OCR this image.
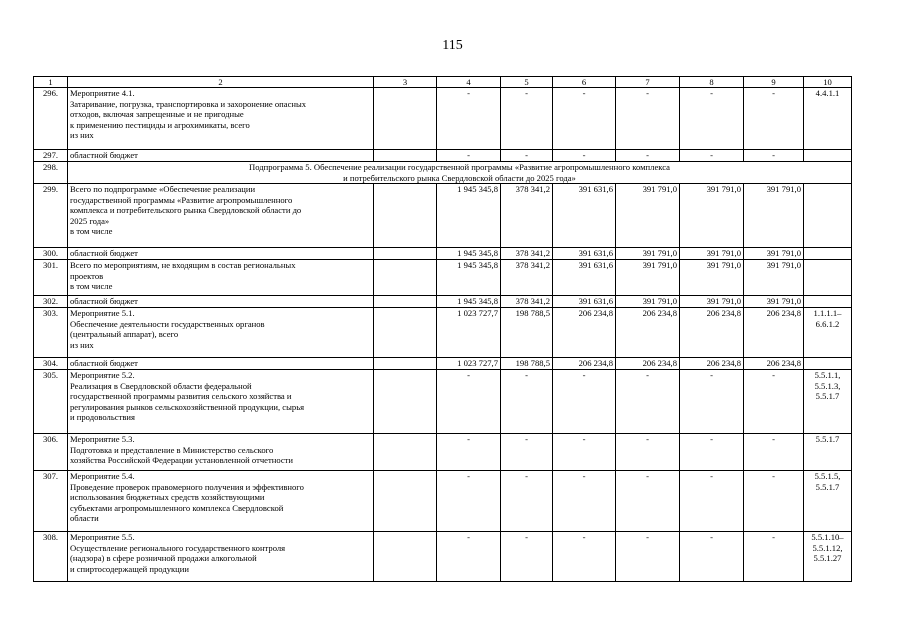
115
1	2	3	4	5	6	7	8	9	10
296.	Мероприятие 4.1.
Затаривание, погрузка, транспортировка и захоронение опасных
отходов, включая запрещенные и не пригодные
к применению пестициды и агрохимикаты, всего
из них		-	-	-	-	-	-	4.4.1.1

297.	областной бюджет		-	-	-	-	-	-	

298.	Подпрограмма 5. Обеспечение реализации государственной программы «Развитие агропромышленного комплекса
и потребительского рынка Свердловской области до 2025 года»								

299.	Всего по подпрограмме «Обеспечение реализации
государственной программы «Развитие агропромышленного
комплекса и потребительского рынка Свердловской области до
2025 года»
в том числе		1 945 345,8	378 341,2	391 631,6	391 791,0	391 791,0	391 791,0	

300.	областной бюджет		1 945 345,8	378 341,2	391 631,6	391 791,0	391 791,0	391 791,0	

301.	Всего по мероприятиям, не входящим в состав региональных
проектов
в том числе		1 945 345,8	378 341,2	391 631,6	391 791,0	391 791,0	391 791,0	

302.	областной бюджет		1 945 345,8	378 341,2	391 631,6	391 791,0	391 791,0	391 791,0	

303.	Мероприятие 5.1.
Обеспечение деятельности государственных органов
(центральный аппарат), всего
из них		1 023 727,7	198 788,5	206 234,8	206 234,8	206 234,8	206 234,8	1.1.1.1–6.6.1.2

304.	областной бюджет		1 023 727,7	198 788,5	206 234,8	206 234,8	206 234,8	206 234,8	

305.	Мероприятие 5.2.
Реализация в Свердловской области федеральной
государственной программы развития сельского хозяйства и
регулирования рынков сельскохозяйственной продукции, сырья
и продовольствия		-	-	-	-	-	-	5.5.1.1, 5.5.1.3,
5.5.1.7

306.	Мероприятие 5.3.
Подготовка и представление в Министерство сельского
хозяйства Российской Федерации установленной отчетности		-	-	-	-	-	-	5.5.1.7

307.	Мероприятие 5.4.
Проведение проверок правомерного получения и эффективного
использования бюджетных средств хозяйствующими
субъектами агропромышленного комплекса Свердловской
области		-	-	-	-	-	-	5.5.1.5,
5.5.1.7

308.	Мероприятие 5.5.
Осуществление регионального государственного контроля
(надзора) в сфере розничной продажи алкогольной
и спиртосодержащей продукции		-	-	-	-	-	-	5.5.1.10–5.5.1.12,
5.5.1.27
